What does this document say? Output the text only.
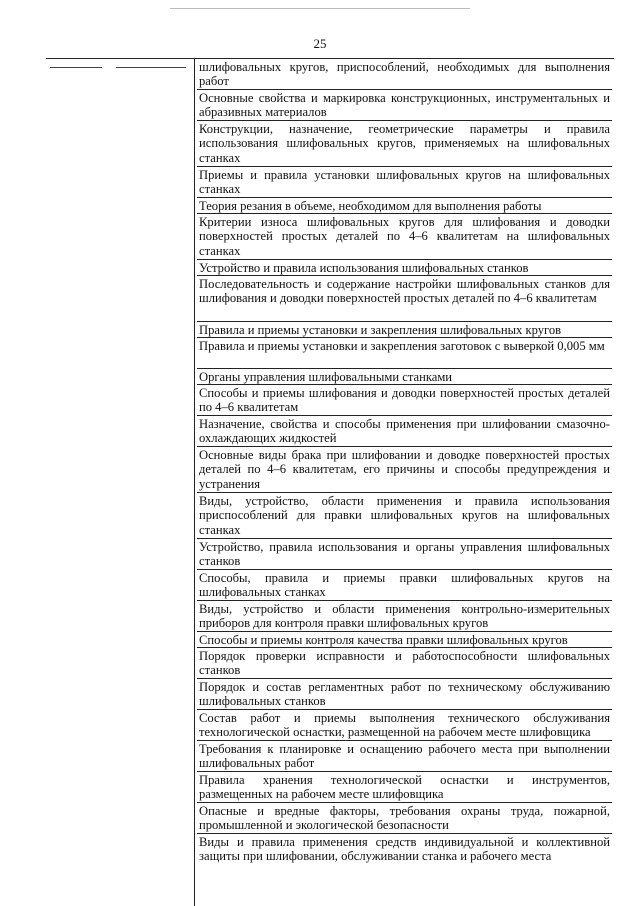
25
шлифовальных кругов, приспособлений, необходимых для выполнения работ
Основные свойства и маркировка конструкционных, инструментальных и абразивных материалов
Конструкции, назначение, геометрические параметры и правила использования шлифовальных кругов, применяемых на шлифовальных станках
Приемы и правила установки шлифовальных кругов на шлифовальных станках
Теория резания в объеме, необходимом для выполнения работы
Критерии износа шлифовальных кругов для шлифования и доводки поверхностей простых деталей по 4–6 квалитетам на шлифовальных станках
Устройство и правила использования шлифовальных станков
Последовательность и содержание настройки шлифовальных станков для шлифования и доводки поверхностей простых деталей по 4–6 квалитетам
Правила и приемы установки и закрепления шлифовальных кругов
Правила и приемы установки и закрепления заготовок с выверкой 0,005 мм
Органы управления шлифовальными станками
Способы и приемы шлифования и доводки поверхностей простых деталей по 4–6 квалитетам
Назначение, свойства и способы применения при шлифовании смазочно-охлаждающих жидкостей
Основные виды брака при шлифовании и доводке поверхностей простых деталей по 4–6 квалитетам, его причины и способы предупреждения и устранения
Виды, устройство, области применения и правила использования приспособлений для правки шлифовальных кругов на шлифовальных станках
Устройство, правила использования и органы управления шлифовальных станков
Способы, правила и приемы правки шлифовальных кругов на шлифовальных станках
Виды, устройство и области применения контрольно-измерительных приборов для контроля правки шлифовальных кругов
Способы и приемы контроля качества правки шлифовальных кругов
Порядок проверки исправности и работоспособности шлифовальных станков
Порядок и состав регламентных работ по техническому обслуживанию шлифовальных станков
Состав работ и приемы выполнения технического обслуживания технологической оснастки, размещенной на рабочем месте шлифовщика
Требования к планировке и оснащению рабочего места при выполнении шлифовальных работ
Правила хранения технологической оснастки и инструментов, размещенных на рабочем месте шлифовщика
Опасные и вредные факторы, требования охраны труда, пожарной, промышленной и экологической безопасности
Виды и правила применения средств индивидуальной и коллективной защиты при шлифовании, обслуживании станка и рабочего места
